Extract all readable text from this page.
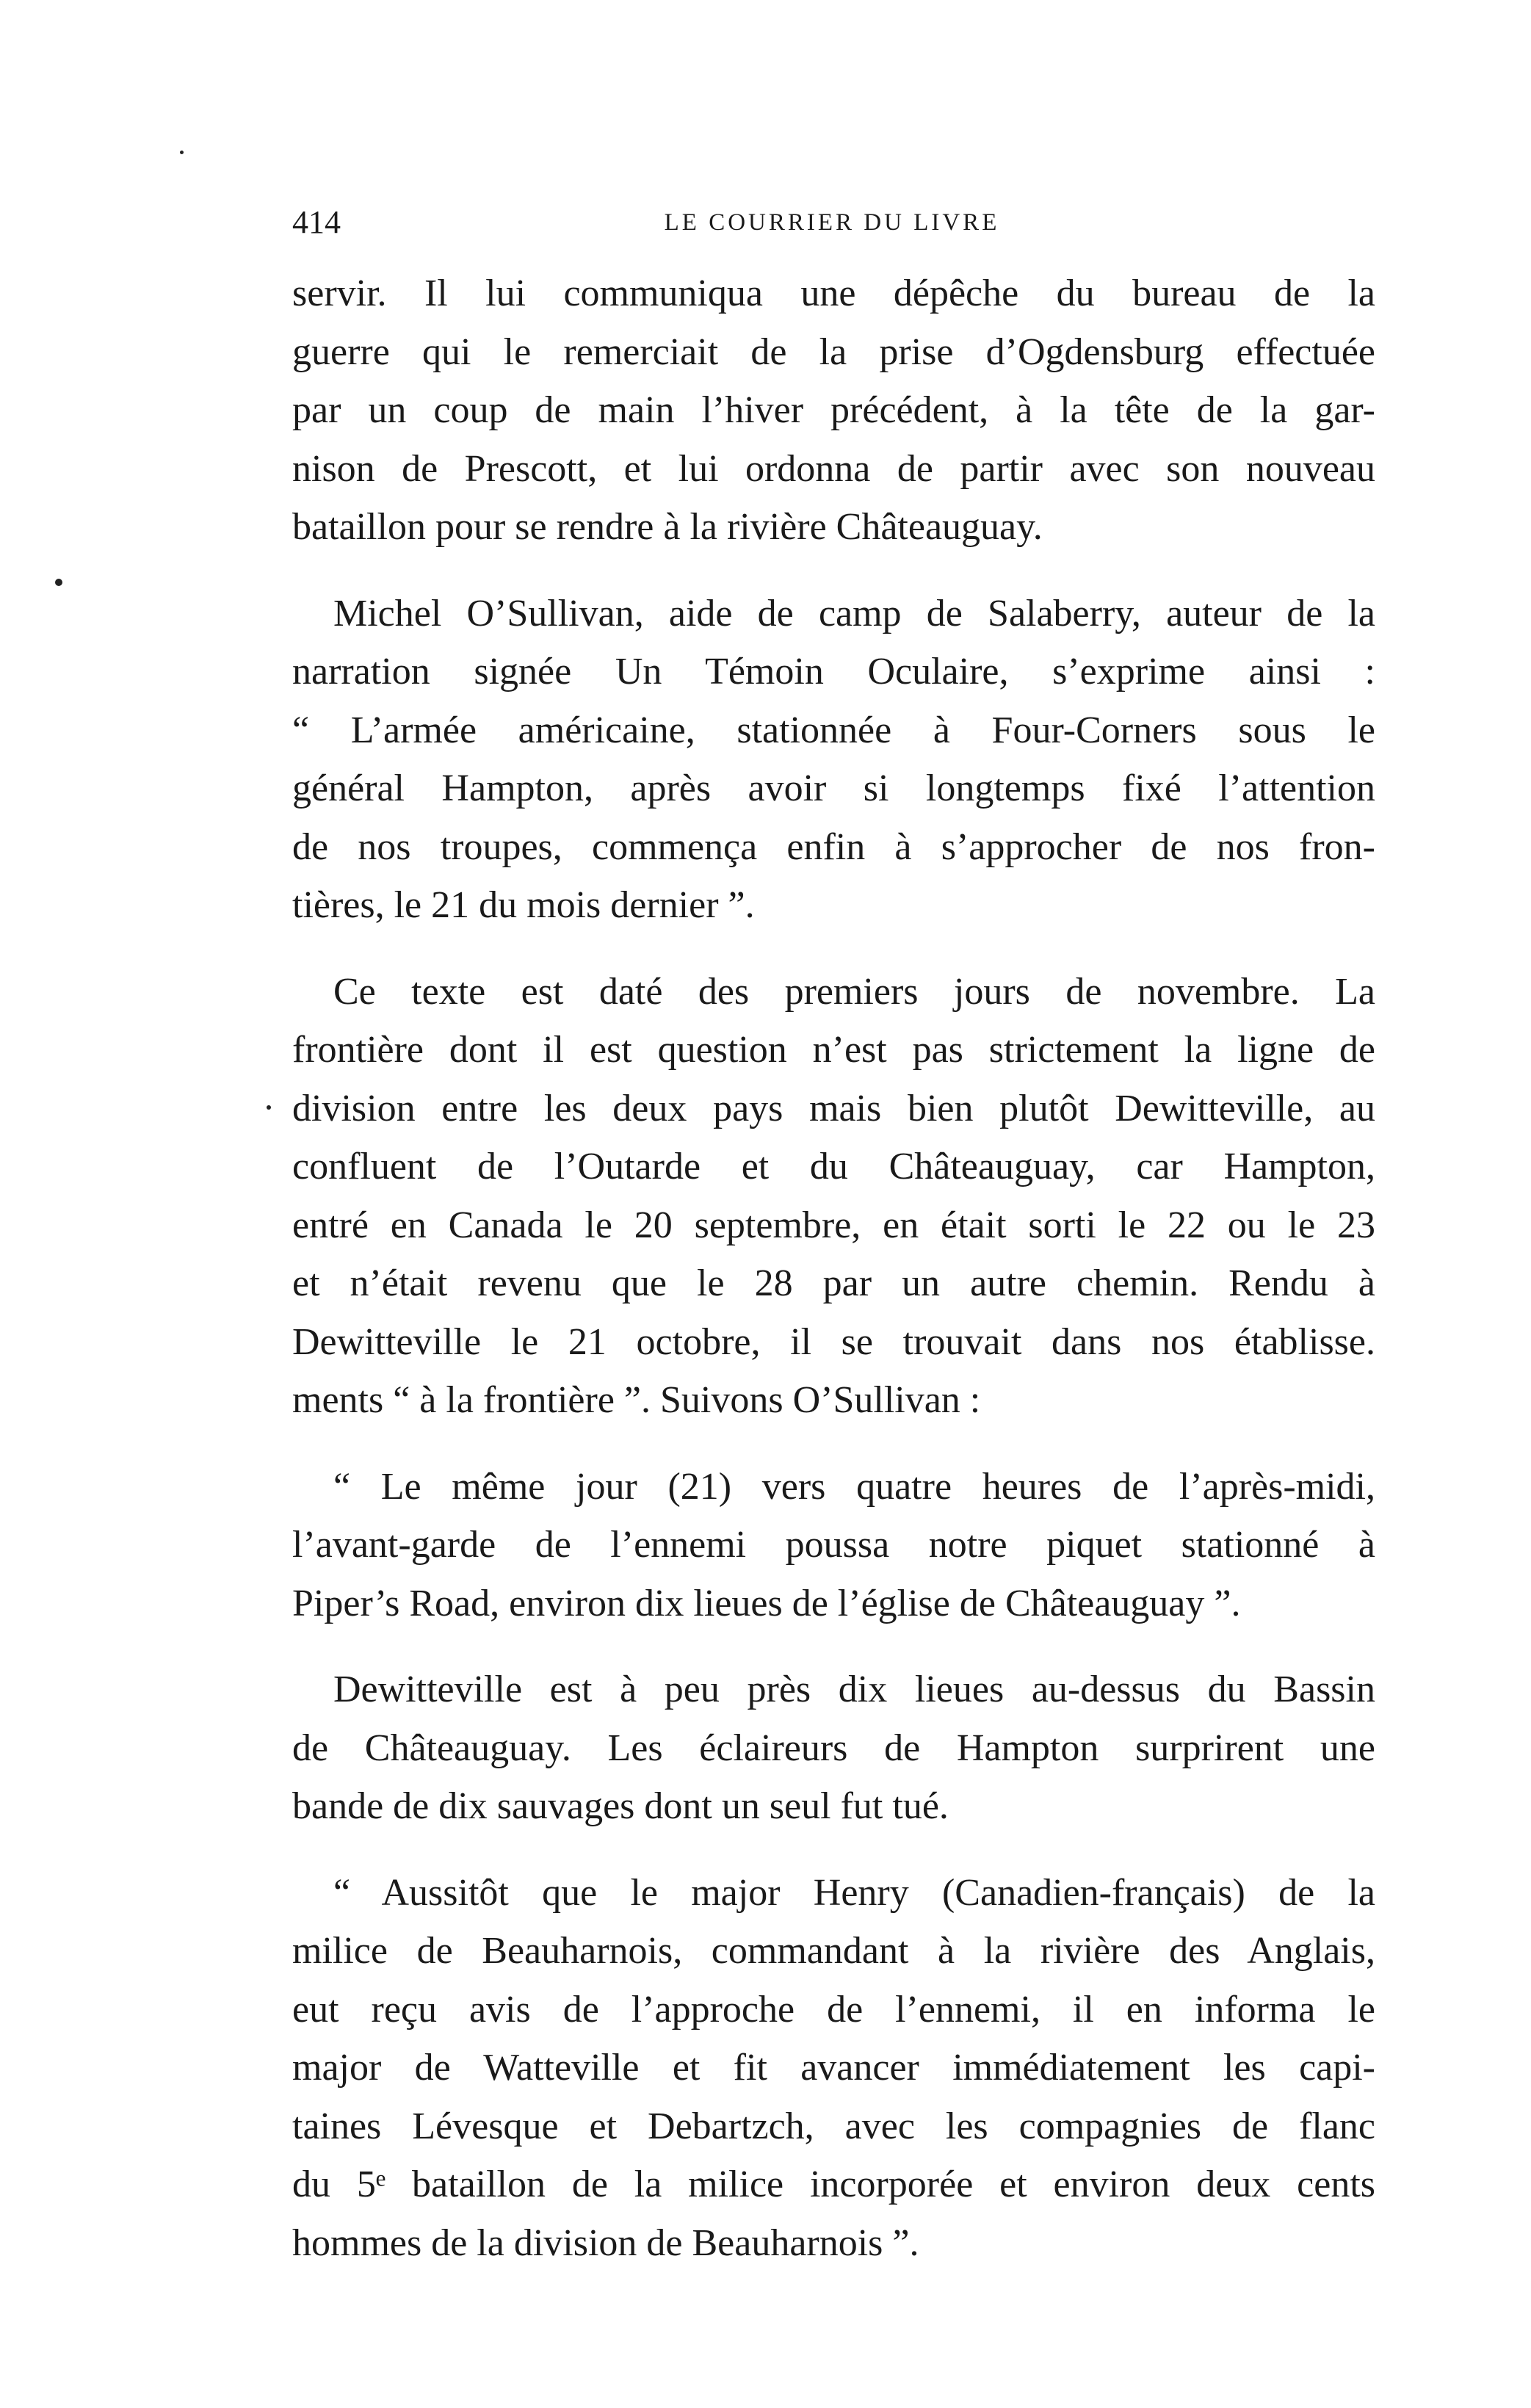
414	LE COURRIER DU LIVRE
servir. Il lui communiqua une dépêche du bureau de la
guerre qui le remerciait de la prise d’Ogdensburg effectuée
par un coup de main l’hiver précédent, à la tête de la gar-
nison de Prescott, et lui ordonna de partir avec son nouveau
bataillon pour se rendre à la rivière Châteauguay.
Michel O’Sullivan, aide de camp de Salaberry, auteur de la
narration signée Un Témoin Oculaire, s’exprime ainsi :
“ L’armée américaine, stationnée à Four-Corners sous le
général Hampton, après avoir si longtemps fixé l’attention
de nos troupes, commença enfin à s’approcher de nos fron-
tières, le 21 du mois dernier ”.
Ce texte est daté des premiers jours de novembre. La
frontière dont il est question n’est pas strictement la ligne de
division entre les deux pays mais bien plutôt Dewitteville, au
confluent de l’Outarde et du Châteauguay, car Hampton,
entré en Canada le 20 septembre, en était sorti le 22 ou le 23
et n’était revenu que le 28 par un autre chemin. Rendu à
Dewitteville le 21 octobre, il se trouvait dans nos établisse.
ments “ à la frontière ”. Suivons O’Sullivan :
“ Le même jour (21) vers quatre heures de l’après-midi,
l’avant-garde de l’ennemi poussa notre piquet stationné à
Piper’s Road, environ dix lieues de l’église de Châteauguay ”.
Dewitteville est à peu près dix lieues au-dessus du Bassin
de Châteauguay. Les éclaireurs de Hampton surprirent une
bande de dix sauvages dont un seul fut tué.
“ Aussitôt que le major Henry (Canadien-français) de la
milice de Beauharnois, commandant à la rivière des Anglais,
eut reçu avis de l’approche de l’ennemi, il en informa le
major de Watteville et fit avancer immédiatement les capi-
taines Lévesque et Debartzch, avec les compagnies de flanc
du 5ᵉ bataillon de la milice incorporée et environ deux cents
hommes de la division de Beauharnois ”.
